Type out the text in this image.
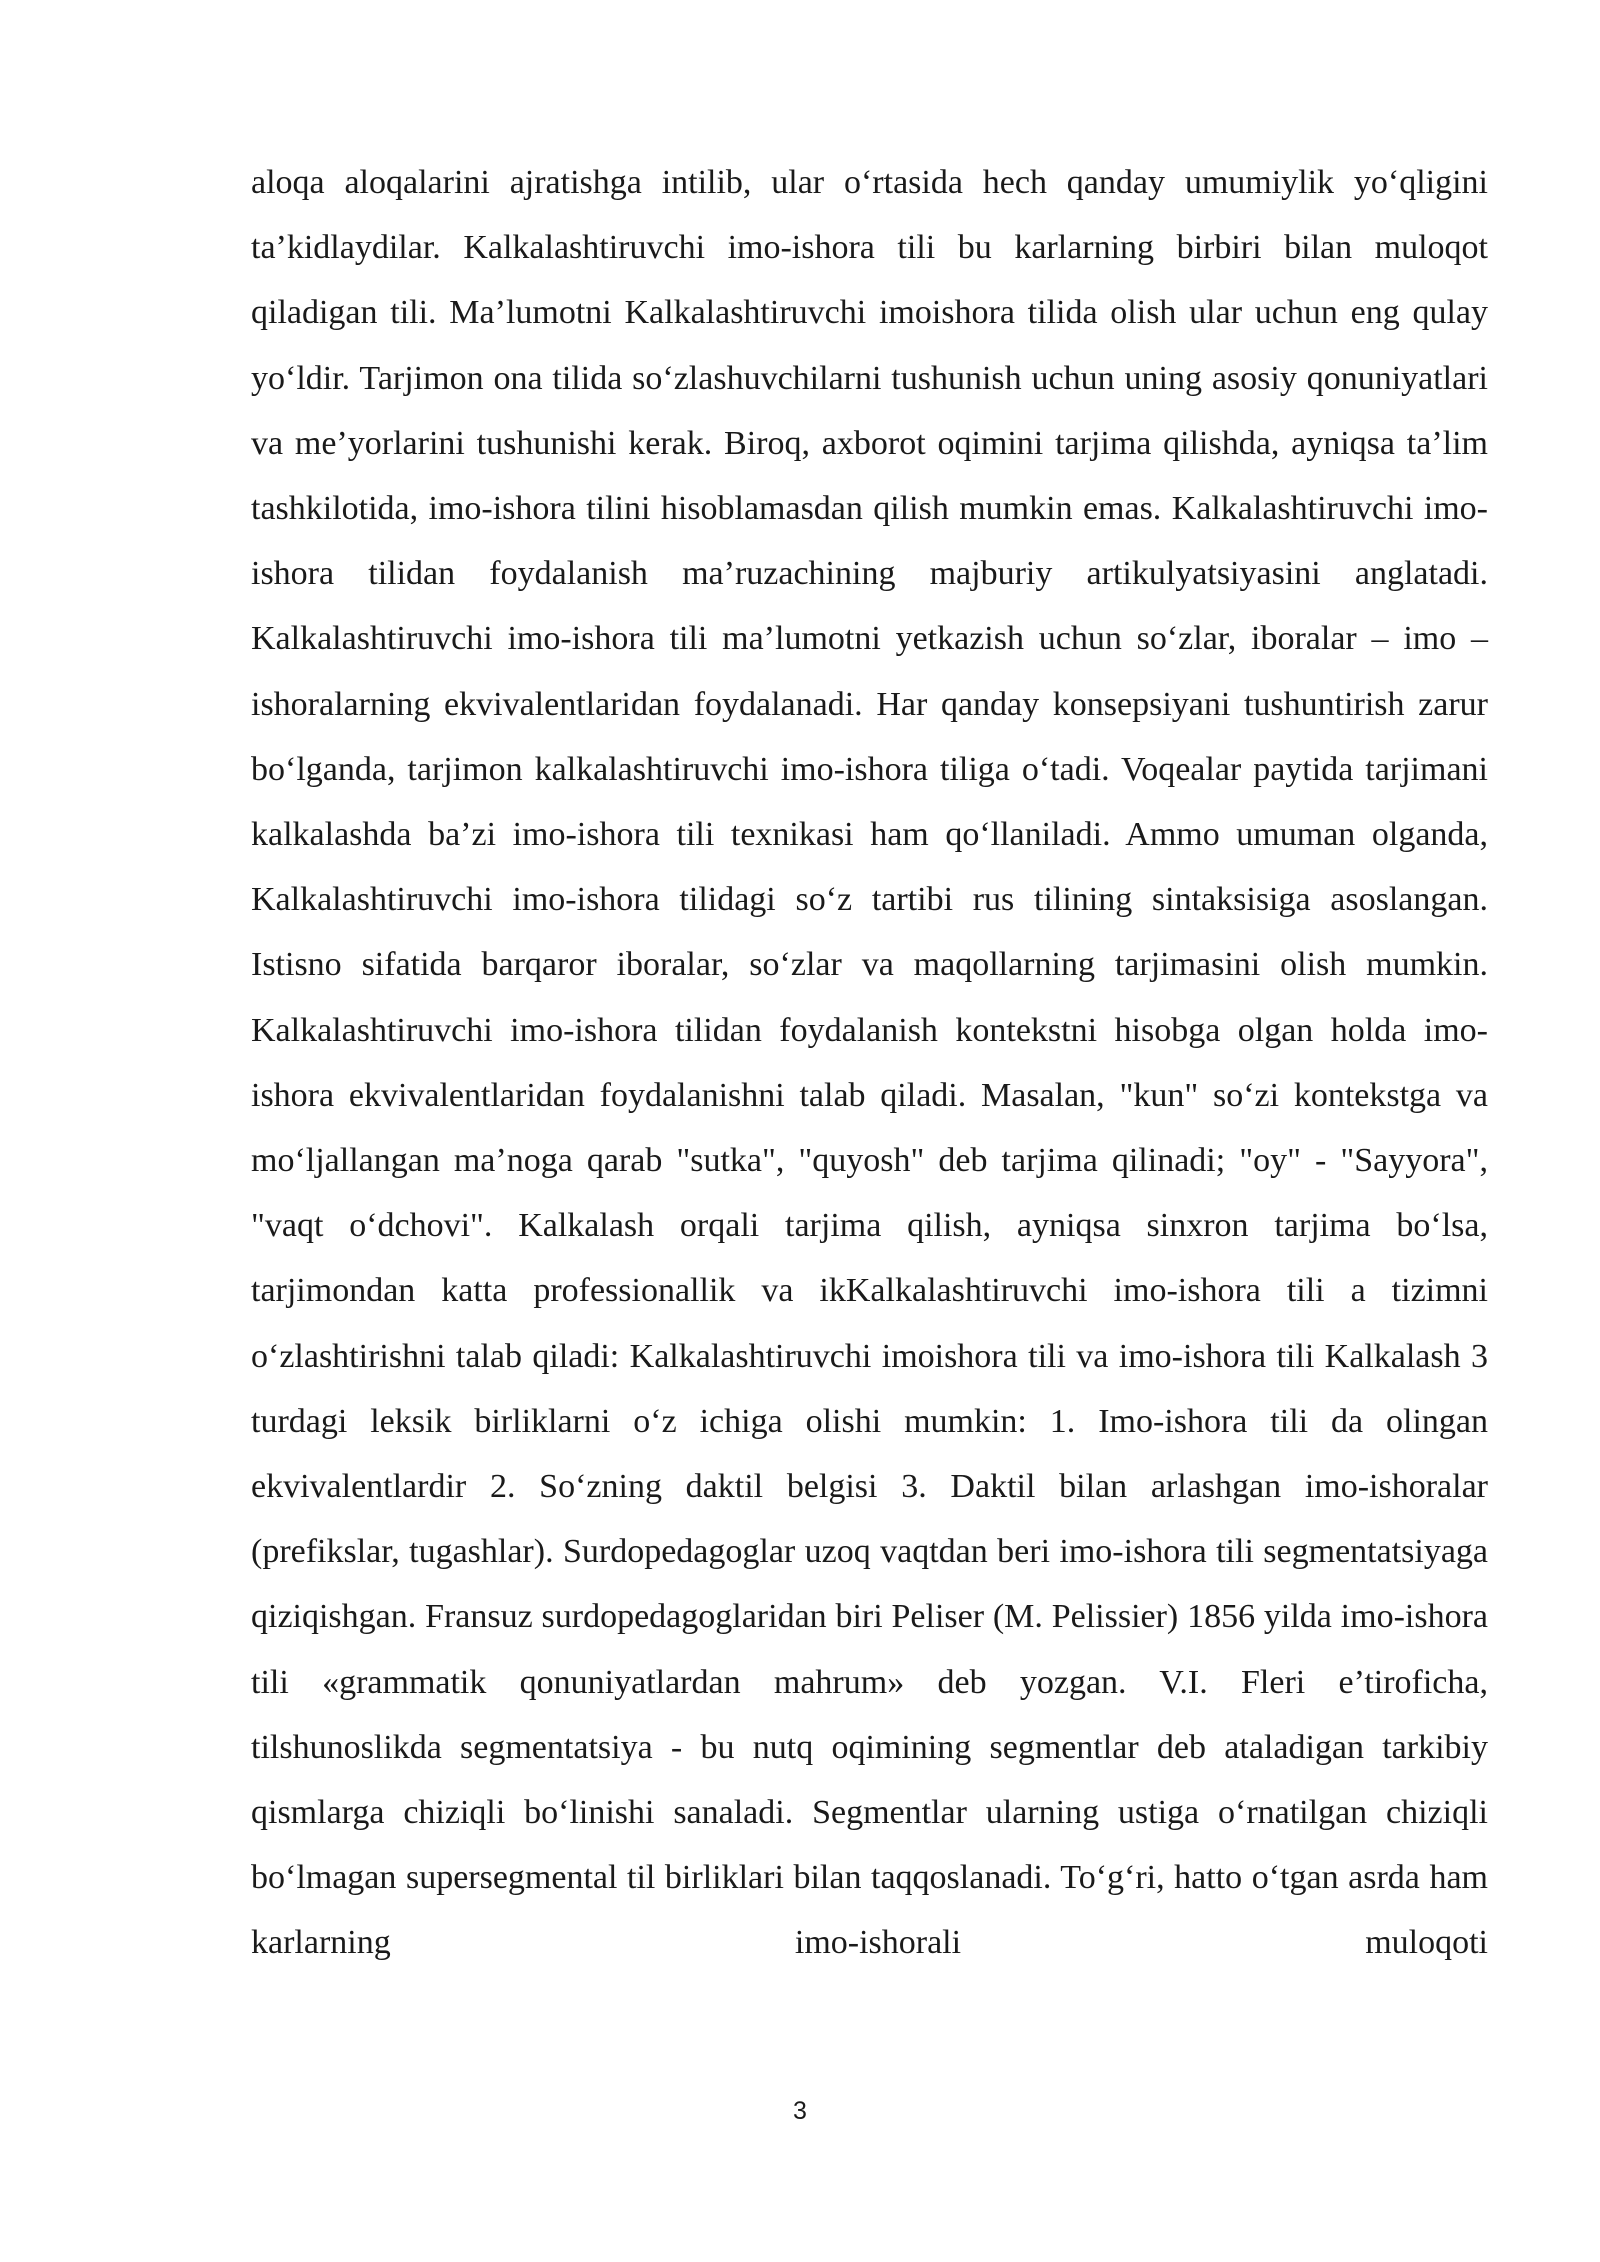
aloqa aloqalarini ajratishga intilib, ular o‘rtasida hech qanday umumiylik yo‘qligini ta’kidlaydilar. Kalkalashtiruvchi imo-ishora tili bu karlarning birbiri bilan muloqot qiladigan tili. Ma’lumotni Kalkalashtiruvchi imoishora tilida olish ular uchun eng qulay yo‘ldir. Tarjimon ona tilida so‘zlashuvchilarni tushunish uchun uning asosiy qonuniyatlari va me’yorlarini tushunishi kerak. Biroq, axborot oqimini tarjima qilishda, ayniqsa ta’lim tashkilotida, imo-ishora tilini hisoblamasdan qilish mumkin emas. Kalkalashtiruvchi imo-ishora tilidan foydalanish ma’ruzachining majburiy artikulyatsiyasini anglatadi. Kalkalashtiruvchi imo-ishora tili ma’lumotni yetkazish uchun so‘zlar, iboralar – imo – ishoralarning ekvivalentlaridan foydalanadi. Har qanday konsepsiyani tushuntirish zarur bo‘lganda, tarjimon kalkalashtiruvchi imo-ishora tiliga o‘tadi. Voqealar paytida tarjimani kalkalashda ba’zi imo-ishora tili texnikasi ham qo‘llaniladi. Ammo umuman olganda, Kalkalashtiruvchi imo-ishora tilidagi so‘z tartibi rus tilining sintaksisiga asoslangan. Istisno sifatida barqaror iboralar, so‘zlar va maqollarning tarjimasini olish mumkin. Kalkalashtiruvchi imo-ishora tilidan foydalanish kontekstni hisobga olgan holda imo-ishora ekvivalentlaridan foydalanishni talab qiladi. Masalan, "kun" so‘zi kontekstga va mo‘ljallangan ma’noga qarab "sutka", "quyosh" deb tarjima qilinadi; "oy" - "Sayyora", "vaqt o‘dchovi". Kalkalash orqali tarjima qilish, ayniqsa sinxron tarjima bo‘lsa, tarjimondan katta professionallik va ikKalkalashtiruvchi imo-ishora tili a tizimni o‘zlashtirishni talab qiladi: Kalkalashtiruvchi imoishora tili va imo-ishora tili Kalkalash 3 turdagi leksik birliklarni o‘z ichiga olishi mumkin: 1. Imo-ishora tili da olingan ekvivalentlardir 2. So‘zning daktil belgisi 3. Daktil bilan arlashgan imo-ishoralar (prefikslar, tugashlar). Surdopedagoglar uzoq vaqtdan beri imo-ishora tili segmentatsiyaga qiziqishgan. Fransuz surdopedagoglaridan biri Peliser (M. Pelissier) 1856 yilda imo-ishora tili «grammatik qonuniyatlardan mahrum» deb yozgan. V.I. Fleri e’tiroficha, tilshunoslikda segmentatsiya - bu nutq oqimining segmentlar deb ataladigan tarkibiy qismlarga chiziqli bo‘linishi sanaladi. Segmentlar ularning ustiga o‘rnatilgan chiziqli bo‘lmagan supersegmental til birliklari bilan taqqoslanadi. To‘g‘ri, hatto o‘tgan asrda ham karlarning imo-ishorali muloqoti

3
